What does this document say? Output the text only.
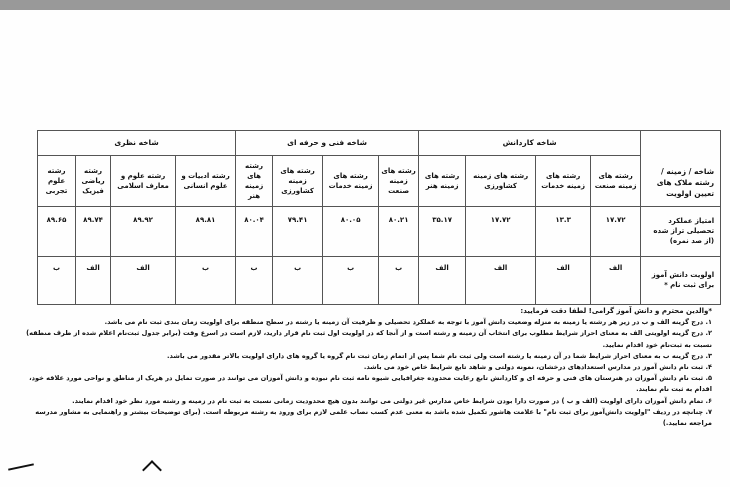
شاخه / زمینه / رشته ملاک های تعیین اولویت	شاخه کاردانش				شاخه فنی و حرفه ای				شاخه نظری			
	رشته های زمینه صنعت	رشته های زمینه خدمات	رشته های زمینه کشاورزی	رشته های زمینه هنر	رشته های زمینه صنعت	رشته های زمینه خدمات	رشته های زمینه کشاورزی	رشته های زمینه هنر	رشته ادبیات و علوم انسانی	رشته علوم و معارف اسلامی	رشته ریاضی فیزیک	رشته علوم تجربی
امتیاز عملکرد تحصیلی تراز شده (از صد نمره)	۱۷.۷۲	۱۳.۳	۱۷.۷۲	۳۵.۱۷	۸۰.۲۱	۸۰.۰۵	۷۹.۴۱	۸۰.۰۴	۸۹.۸۱	۸۹.۹۲	۸۹.۷۴	۸۹.۶۵
اولویت دانش آموز برای ثبت نام *	الف	الف	الف	الف	ب	ب	ب	ب	ب	الف	الف	ب

*والدین محترم و دانش آموز گرامی! لطفا دقت فرمایید:

۱. درج گزینه الف و ب در زیر هر رشته یا زمینه به منزله وضعیت دانش آموز با توجه به عملکرد تحصیلی و ظرفیت آن زمینه یا رشته در سطح منطقه برای اولویت زمان بندی ثبت نام می باشد.

۲. درج گزینه اولویتی الف به معنای احراز شرایط مطلوب برای انتخاب آن زمینه و رشته است و از آنجا که در اولویت اول ثبت نام قرار دارید، لازم است در اسرع وقت (برابر جدول ثبت‌نام اعلام شده از طرف منطقه) نسبت به ثبت‌نام خود اقدام نمایید.

۳. درج گزینه ب به معنای احراز شرایط شما در آن زمینه یا رشته است ولی ثبت نام شما پس از اتمام زمان ثبت نام گروه یا گروه های دارای اولویت بالاتر مقدور می باشد.

۴. ثبت نام دانش آموز در مدارس استعدادهای درخشان، نمونه دولتی و شاهد تابع شرایط خاص خود می باشد.

۵. ثبت نام دانش آموزان در هنرستان های فنی و حرفه ای و کاردانش تابع رعایت محدوده جغرافیایی شیوه نامه ثبت نام نبوده و دانش آموزان می توانند در صورت تمایل در هریک از مناطق و نواحی مورد علاقه خود، اقدام به ثبت نام نمایند.

۶. تمام دانش آموزان دارای اولویت (الف و ب ) در صورت دارا بودن شرایط خاص مدارس غیر دولتی می توانند بدون هیچ محدودیت زمانی نسبت به ثبت نام در زمینه و رشته مورد نظر خود اقدام نمایند.

۷. چنانچه در ردیف "اولویت دانش‌آموز برای ثبت نام" با علامت هاشور تکمیل شده باشد به معنی عدم کسب نصاب علمی لازم برای ورود به رشته مربوطه است. (برای توضیحات بیشتر و راهنمایی به مشاور مدرسه مراجعه نمایید.)
